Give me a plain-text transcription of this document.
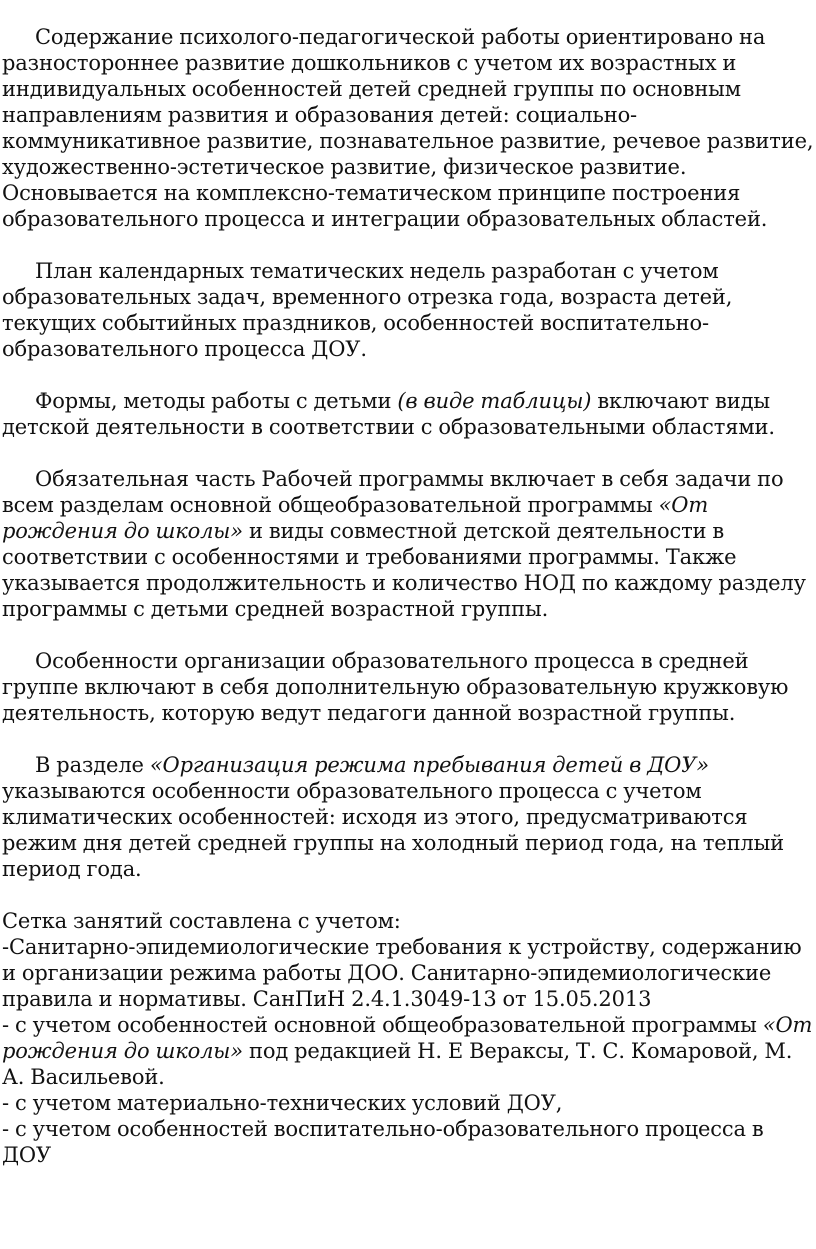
Содержание психолого-педагогической работы ориентировано на разностороннее развитие дошкольников с учетом их возрастных и индивидуальных особенностей детей средней группы по основным направлениям развития и образования детей: социально-коммуникативное развитие, познавательное развитие, речевое развитие, художественно-эстетическое развитие, физическое развитие. Основывается на комплексно-тематическом принципе построения образовательного процесса и интеграции образовательных областей.

План календарных тематических недель разработан с учетом образовательных задач, временного отрезка года, возраста детей, текущих событийных праздников, особенностей воспитательно-образовательного процесса ДОУ.

Формы, методы работы с детьми (в виде таблицы) включают виды детской деятельности в соответствии с образовательными областями.

Обязательная часть Рабочей программы включает в себя задачи по всем разделам основной общеобразовательной программы «От рождения до школы» и виды совместной детской деятельности в соответствии с особенностями и требованиями программы. Также указывается продолжительность и количество НОД по каждому разделу программы с детьми средней возрастной группы.

Особенности организации образовательного процесса в средней группе включают в себя дополнительную образовательную кружковую деятельность, которую ведут педагоги данной возрастной группы.

В разделе «Организация режима пребывания детей в ДОУ» указываются особенности образовательного процесса с учетом климатических особенностей: исходя из этого, предусматриваются режим дня детей средней группы на холодный период года, на теплый период года.

Сетка занятий составлена с учетом:
-Санитарно-эпидемиологические требования к устройству, содержанию и организации режима работы ДОО. Санитарно-эпидемиологические правила и нормативы. СанПиН 2.4.1.3049-13 от 15.05.2013
- с учетом особенностей основной общеобразовательной программы «От рождения до школы» под редакцией Н. Е Вераксы, Т. С. Комаровой, М. А. Васильевой.
- с учетом материально-технических условий ДОУ,
- с учетом особенностей воспитательно-образовательного процесса в ДОУ
